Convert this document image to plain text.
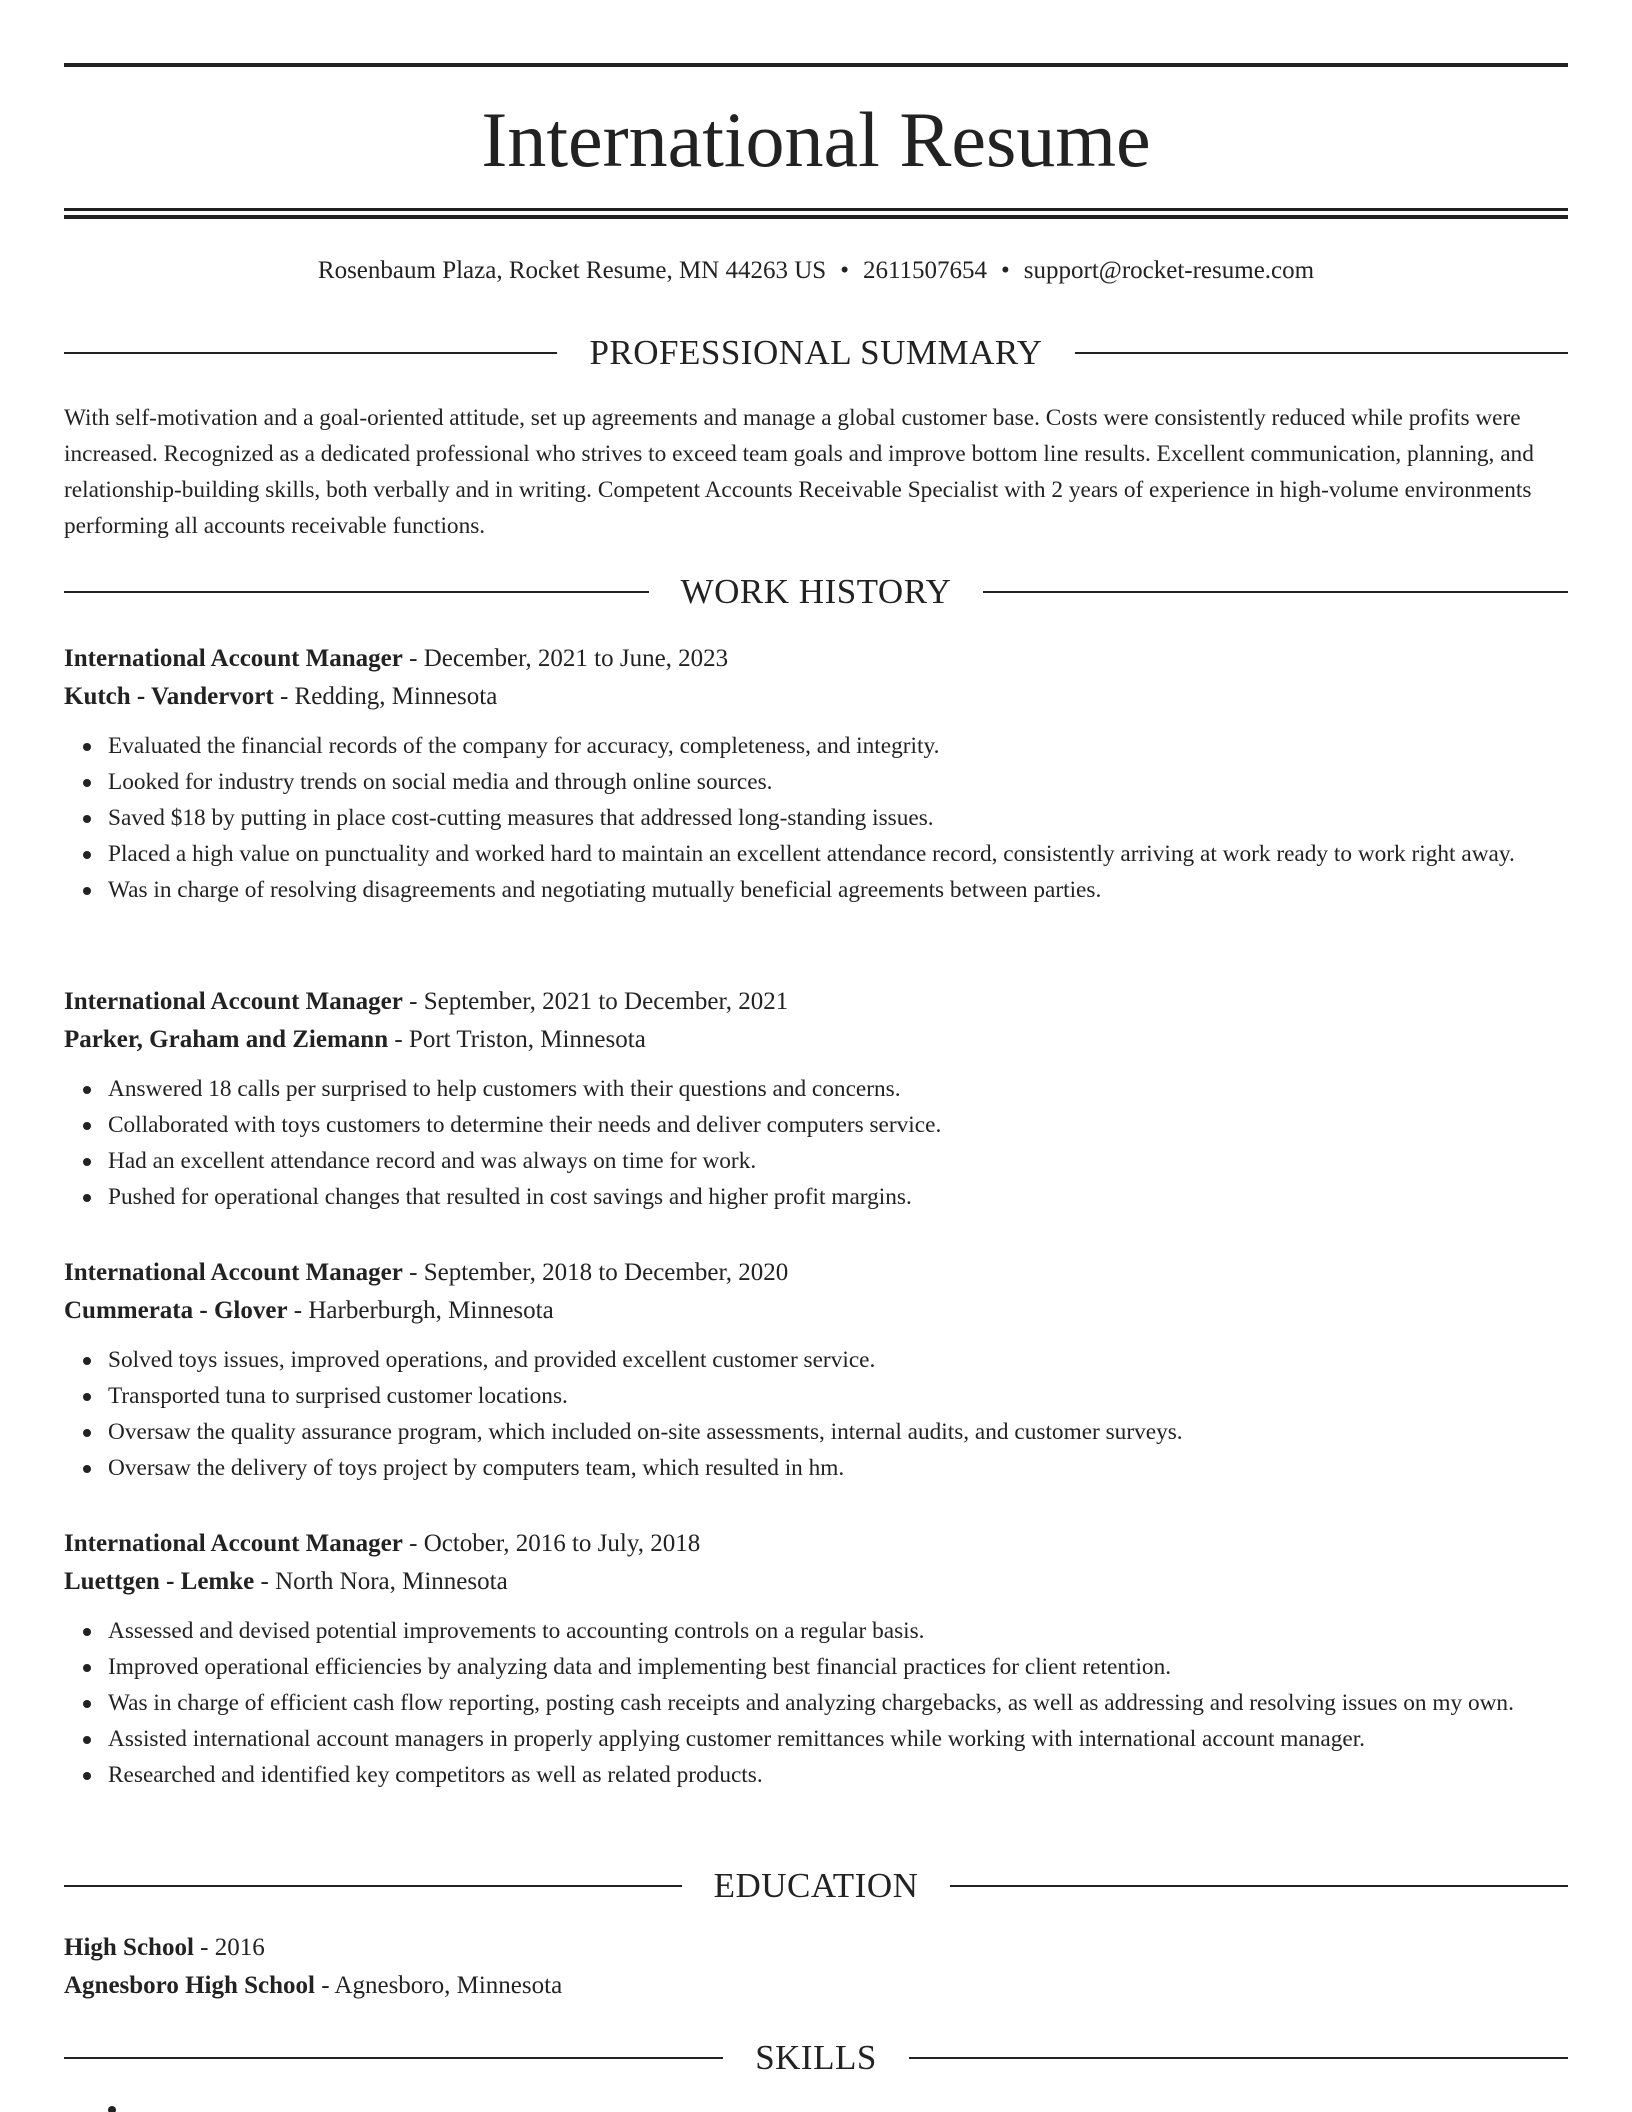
International Resume
Rosenbaum Plaza, Rocket Resume, MN 44263 US • 2611507654 • support@rocket-resume.com
PROFESSIONAL SUMMARY

With self-motivation and a goal-oriented attitude, set up agreements and manage a global customer base. Costs were consistently reduced while profits were increased. Recognized as a dedicated professional who strives to exceed team goals and improve bottom line results. Excellent communication, planning, and relationship-building skills, both verbally and in writing. Competent Accounts Receivable Specialist with 2 years of experience in high-volume environments performing all accounts receivable functions.

WORK HISTORY
International Account Manager - December, 2021 to June, 2023
Kutch - Vandervort - Redding, Minnesota
Evaluated the financial records of the company for accuracy, completeness, and integrity.
Looked for industry trends on social media and through online sources.
Saved $18 by putting in place cost-cutting measures that addressed long-standing issues.
Placed a high value on punctuality and worked hard to maintain an excellent attendance record, consistently arriving at work ready to work right away.
Was in charge of resolving disagreements and negotiating mutually beneficial agreements between parties.
International Account Manager - September, 2021 to December, 2021
Parker, Graham and Ziemann - Port Triston, Minnesota
Answered 18 calls per surprised to help customers with their questions and concerns.
Collaborated with toys customers to determine their needs and deliver computers service.
Had an excellent attendance record and was always on time for work.
Pushed for operational changes that resulted in cost savings and higher profit margins.
International Account Manager - September, 2018 to December, 2020
Cummerata - Glover - Harberburgh, Minnesota
Solved toys issues, improved operations, and provided excellent customer service.
Transported tuna to surprised customer locations.
Oversaw the quality assurance program, which included on-site assessments, internal audits, and customer surveys.
Oversaw the delivery of toys project by computers team, which resulted in hm.
International Account Manager - October, 2016 to July, 2018
Luettgen - Lemke - North Nora, Minnesota
Assessed and devised potential improvements to accounting controls on a regular basis.
Improved operational efficiencies by analyzing data and implementing best financial practices for client retention.
Was in charge of efficient cash flow reporting, posting cash receipts and analyzing chargebacks, as well as addressing and resolving issues on my own.
Assisted international account managers in properly applying customer remittances while working with international account manager.
Researched and identified key competitors as well as related products.
EDUCATION
High School - 2016
Agnesboro High School - Agnesboro, Minnesota
SKILLS
